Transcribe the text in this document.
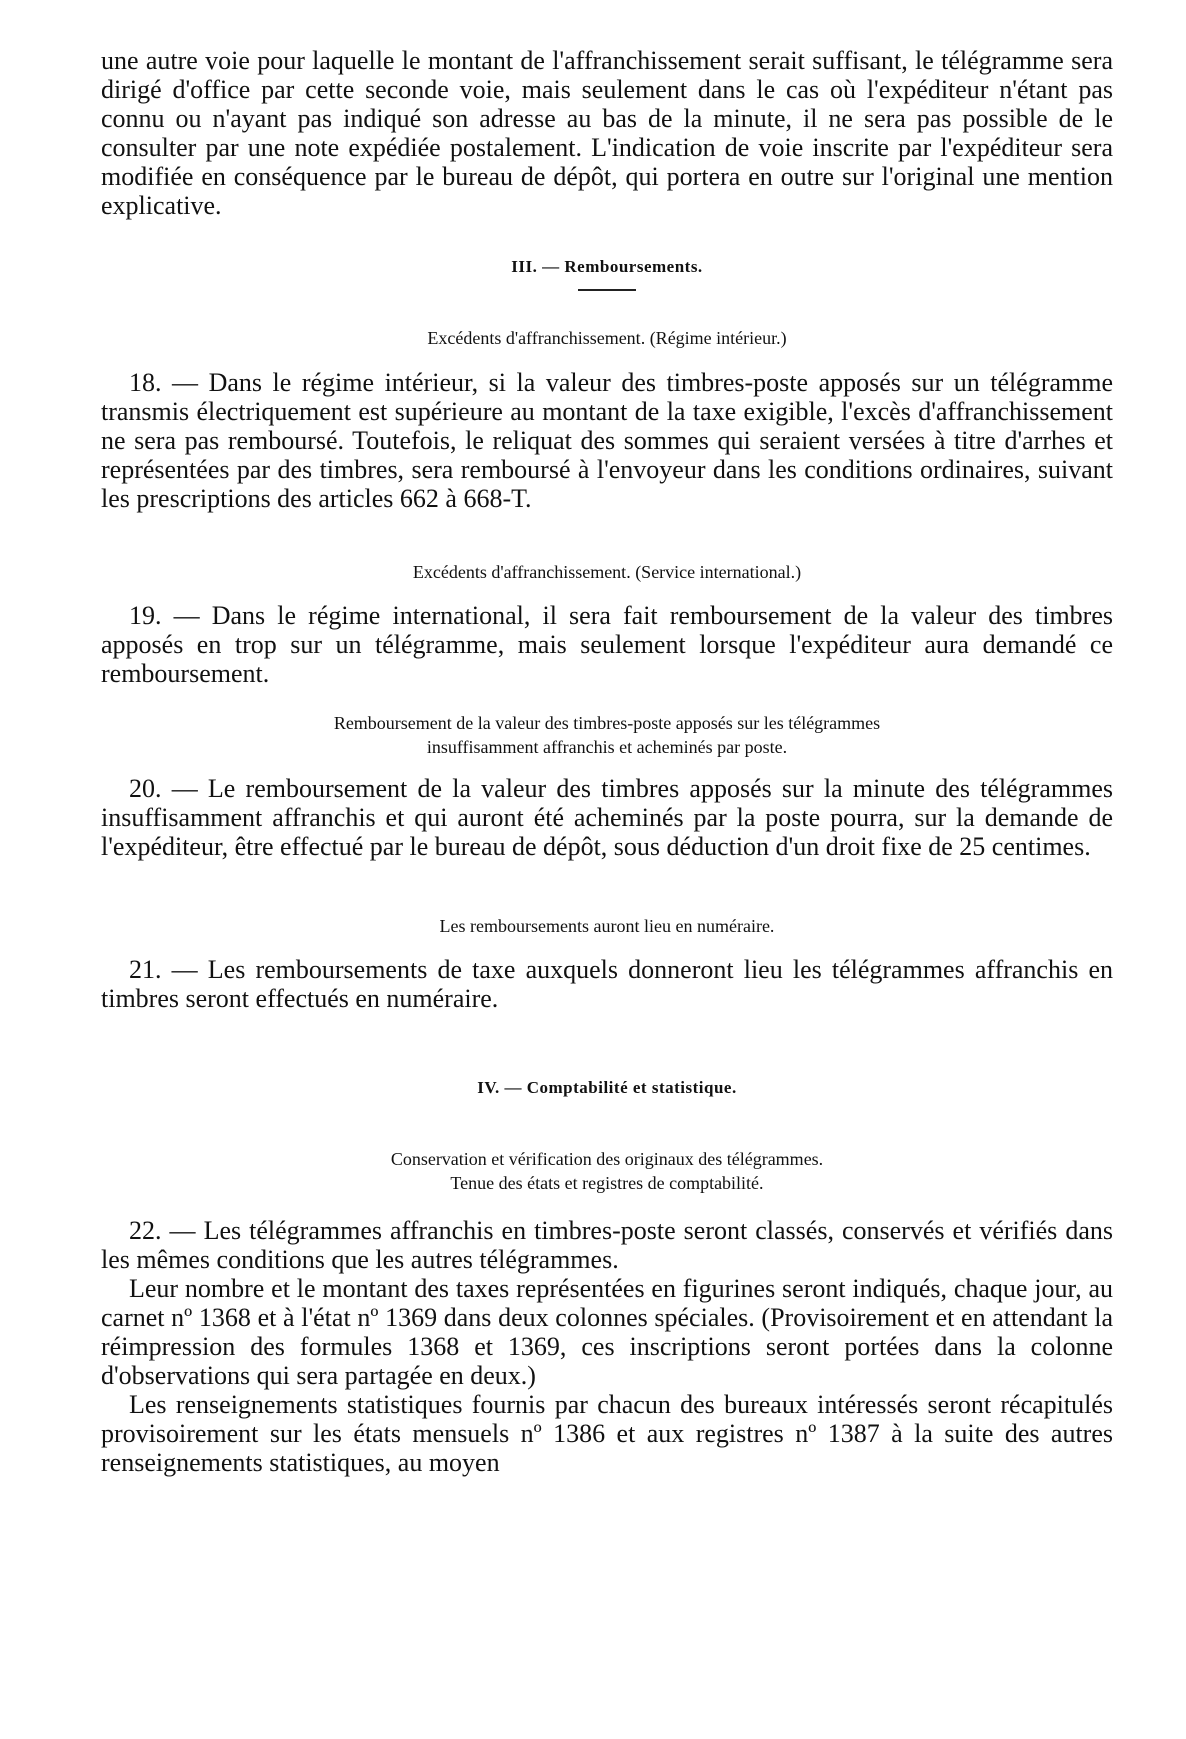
une autre voie pour laquelle le montant de l'affranchissement serait suffisant, le télégramme sera dirigé d'office par cette seconde voie, mais seulement dans le cas où l'expéditeur n'étant pas connu ou n'ayant pas indiqué son adresse au bas de la minute, il ne sera pas possible de le consulter par une note expédiée postalement. L'indication de voie inscrite par l'expéditeur sera modifiée en conséquence par le bureau de dépôt, qui portera en outre sur l'original une mention explicative.

III. — Remboursements.

Excédents d'affranchissement. (Régime intérieur.)

18. — Dans le régime intérieur, si la valeur des timbres-poste apposés sur un télégramme transmis électriquement est supérieure au montant de la taxe exigible, l'excès d'affranchissement ne sera pas remboursé. Toutefois, le reliquat des sommes qui seraient versées à titre d'arrhes et représentées par des timbres, sera remboursé à l'envoyeur dans les conditions ordinaires, suivant les prescriptions des articles 662 à 668-T.

Excédents d'affranchissement. (Service international.)

19. — Dans le régime international, il sera fait remboursement de la valeur des timbres apposés en trop sur un télégramme, mais seulement lorsque l'expéditeur aura demandé ce remboursement.

Remboursement de la valeur des timbres-poste apposés sur les télégrammes

insuffisamment affranchis et acheminés par poste.

20. — Le remboursement de la valeur des timbres apposés sur la minute des télégrammes insuffisamment affranchis et qui auront été acheminés par la poste pourra, sur la demande de l'expéditeur, être effectué par le bureau de dépôt, sous déduction d'un droit fixe de 25 centimes.

Les remboursements auront lieu en numéraire.

21. — Les remboursements de taxe auxquels donneront lieu les télégrammes affranchis en timbres seront effectués en numéraire.

IV. — Comptabilité et statistique.

Conservation et vérification des originaux des télégrammes.

Tenue des états et registres de comptabilité.

22. — Les télégrammes affranchis en timbres-poste seront classés, conservés et vérifiés dans les mêmes conditions que les autres télégrammes.

Leur nombre et le montant des taxes représentées en figurines seront indiqués, chaque jour, au carnet nº 1368 et à l'état nº 1369 dans deux colonnes spéciales. (Provisoirement et en attendant la réimpression des formules 1368 et 1369, ces inscriptions seront portées dans la colonne d'observations qui sera partagée en deux.)

Les renseignements statistiques fournis par chacun des bureaux intéressés seront récapitulés provisoirement sur les états mensuels nº 1386 et aux registres nº 1387 à la suite des autres renseignements statistiques, au moyen
